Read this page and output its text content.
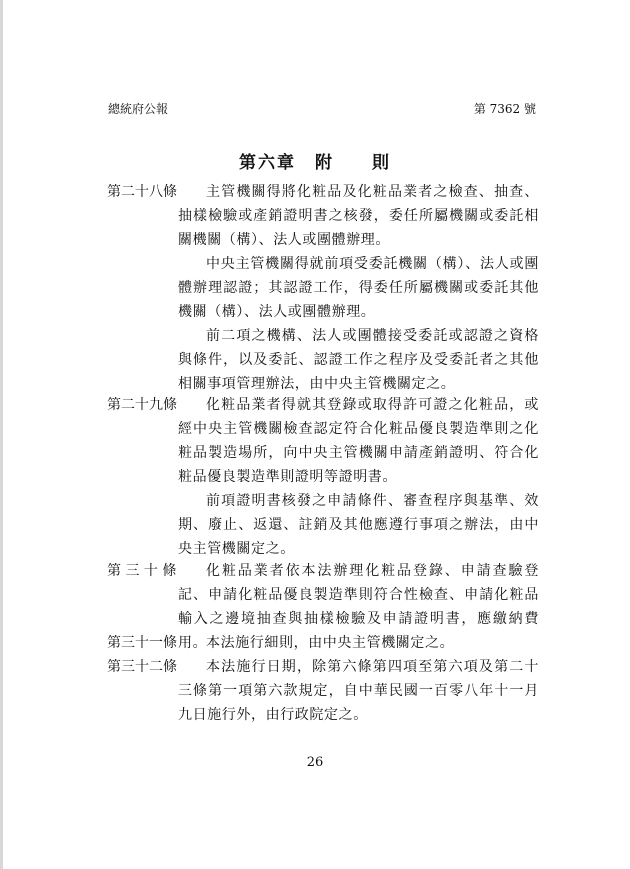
總統府公報	第 7362 號
第六章　附　　則
第二十八條	主管機關得將化粧品及化粧品業者之檢查、抽查、抽樣檢驗或產銷證明書之核發，委任所屬機關或委託相關機關（構）、法人或團體辦理。

中央主管機關得就前項受委託機關（構）、法人或團體辦理認證；其認證工作，得委任所屬機關或委託其他機關（構）、法人或團體辦理。

前二項之機構、法人或團體接受委託或認證之資格與條件，以及委託、認證工作之程序及受委託者之其他相關事項管理辦法，由中央主管機關定之。

第二十九條	化粧品業者得就其登錄或取得許可證之化粧品，或經中央主管機關檢查認定符合化粧品優良製造準則之化粧品製造場所，向中央主管機關申請產銷證明、符合化粧品優良製造準則證明等證明書。

前項證明書核發之申請條件、審查程序與基準、效期、廢止、返還、註銷及其他應遵行事項之辦法，由中央主管機關定之。

第 三 十 條	化粧品業者依本法辦理化粧品登錄、申請查驗登記、申請化粧品優良製造準則符合性檢查、申請化粧品輸入之邊境抽查與抽樣檢驗及申請證明書，應繳納費用。

第三十一條	本法施行細則，由中央主管機關定之。

第三十二條	本法施行日期，除第六條第四項至第六項及第二十三條第一項第六款規定，自中華民國一百零八年十一月九日施行外，由行政院定之。

26
